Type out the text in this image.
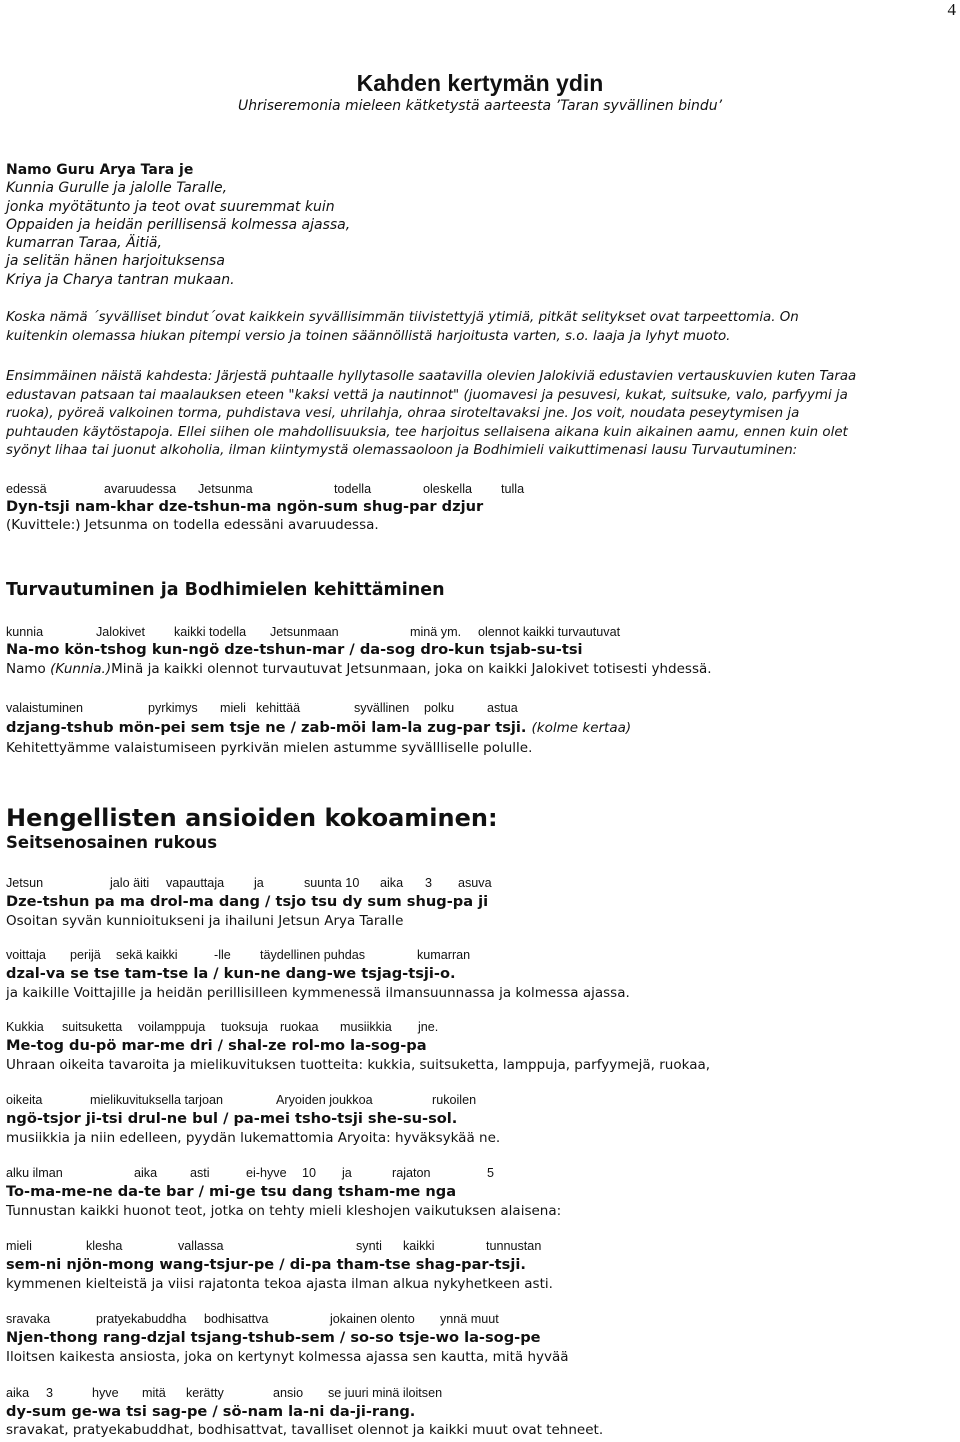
4
Kahden kertymän ydin
Uhriseremonia mieleen kätketystä aarteesta ’Taran syvällinen bindu’

Namo Guru Arya Tara je

Kunnia Gurulle ja jalolle Taralle,

jonka myötätunto ja teot ovat suuremmat kuin

Oppaiden ja heidän perillisensä kolmessa ajassa,

kumarran Taraa, Äitiä,

ja selitän hänen harjoituksensa

Kriya ja Charya tantran mukaan.

Koska nämä ´syvälliset bindut´ovat kaikkein syvällisimmän tiivistettyjä ytimiä, pitkät selitykset ovat tarpeettomia. On

kuitenkin olemassa hiukan pitempi versio ja toinen säännöllistä harjoitusta varten, s.o. laaja ja lyhyt muoto.

Ensimmäinen näistä kahdesta: Järjestä puhtaalle hyllytasolle saatavilla olevien Jalokiviä edustavien vertauskuvien kuten Taraa

edustavan patsaan tai maalauksen eteen "kaksi vettä ja nautinnot" (juomavesi ja pesuvesi, kukat, suitsuke, valo, parfyymi ja

ruoka), pyöreä valkoinen torma, puhdistava vesi, uhrilahja, ohraa siroteltavaksi jne. Jos voit, noudata peseytymisen ja

puhtauden käytöstapoja. Ellei siihen ole mahdollisuuksia, tee harjoitus sellaisena aikana kuin aikainen aamu, ennen kuin olet

syönyt lihaa tai juonut alkoholia, ilman kiintymystä olemassaoloon ja Bodhimieli vaikuttimenasi lausu Turvautuminen:

edessä	avaruudessa Jetsunma	todella	oleskella tulla

Dyn-tsji nam-khar dze-tshun-ma ngön-sum shug-par dzjur

(Kuvittele:) Jetsunma on todella edessäni avaruudessa.

Turvautuminen ja Bodhimielen kehittäminen

kunnia	Jalokivet kaikki todella Jetsunmaan	minä ym. olennot kaikki turvautuvat

Na-mo kön-tshog kun-ngö dze-tshun-mar / da-sog dro-kun tsjab-su-tsi

Namo (Kunnia.)Minä ja kaikki olennot turvautuvat Jetsunmaan, joka on kaikki Jalokivet totisesti yhdessä.

valaistuminen	pyrkimys mieli kehittää	syvällinen polku	astua

dzjang-tshub mön-pei sem tsje ne / zab-möi lam-la zug-par tsji. (kolme kertaa)

Kehitettyämme valaistumiseen pyrkivän mielen astumme syvällliselle polulle.

Hengellisten ansioiden kokoaminen:

Seitsenosainen rukous

Jetsun	jalo äiti vapauttaja ja	suunta 10 aika 3 asuva

Dze-tshun pa ma drol-ma dang / tsjo tsu dy sum shug-pa ji

Osoitan syvän kunnioitukseni ja ihailuni Jetsun Arya Taralle

voittaja perijä sekä kaikki	-lle täydellinen puhdas	kumarran

dzal-va se tse tam-tse la / kun-ne dang-we tsjag-tsji-o.

ja kaikille Voittajille ja heidän perillisilleen kymmenessä ilmansuunnassa ja kolmessa ajassa.

Kukkia suitsuketta voilamppuja tuoksuja ruokaa musiikkia jne.

Me-tog du-pö mar-me dri / shal-ze rol-mo la-sog-pa

Uhraan oikeita tavaroita ja mielikuvituksen tuotteita: kukkia, suitsuketta, lamppuja, parfyymejä, ruokaa,

oikeita	mielikuvituksella tarjoan	Aryoiden joukkoa	rukoilen

ngö-tsjor ji-tsi drul-ne bul / pa-mei tsho-tsji she-su-sol.

musiikkia ja niin edelleen, pyydän lukemattomia Aryoita: hyväksykää ne.

alku ilman	aika	asti	ei-hyve 10 ja	rajaton	5

To-ma-me-ne da-te bar / mi-ge tsu dang tsham-me nga

Tunnustan kaikki huonot teot, jotka on tehty mieli kleshojen vaikutuksen alaisena:

mieli	klesha	vallassa	synti kaikki	tunnustan

sem-ni njön-mong wang-tsjur-pe / di-pa tham-tse shag-par-tsji.

kymmenen kielteistä ja viisi rajatonta tekoa ajasta ilman alkua nykyhetkeen asti.

sravaka	pratyekabuddha bodhisattva	jokainen olento ynnä muut

Njen-thong rang-dzjal tsjang-tshub-sem / so-so tsje-wo la-sog-pe

Iloitsen kaikesta ansiosta, joka on kertynyt kolmessa ajassa sen kautta, mitä hyvää

aika 3	hyve mitä kerätty	ansio se juuri minä iloitsen

dy-sum ge-wa tsi sag-pe / sö-nam la-ni da-ji-rang.

sravakat, pratyekabuddhat, bodhisattvat, tavalliset olennot ja kaikki muut ovat tehneet.
